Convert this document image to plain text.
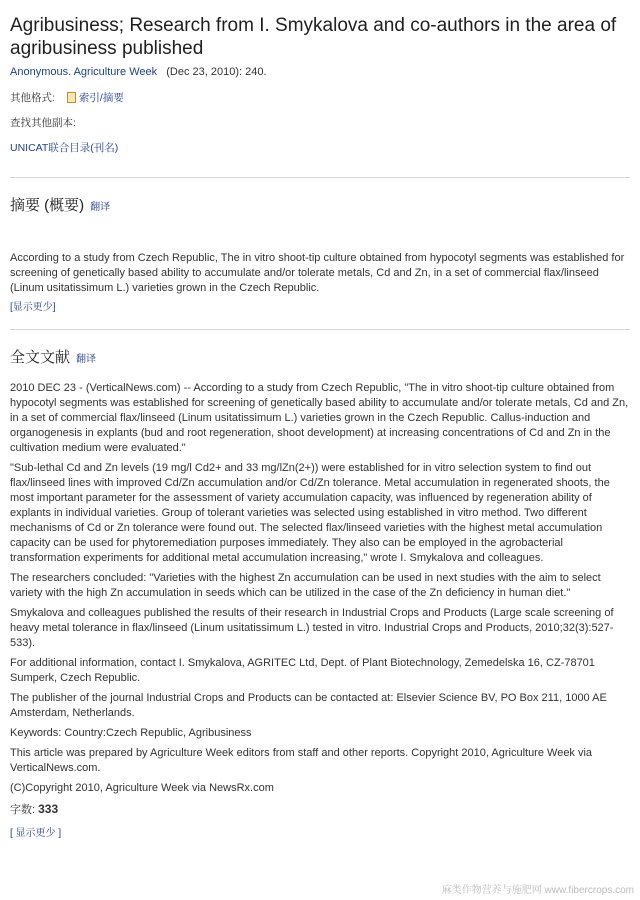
Agribusiness; Research from I. Smykalova and co-authors in the area of agribusiness published
Anonymous. Agriculture Week (Dec 23, 2010): 240.
其他格式: 索引/摘要
查找其他副本:
UNICAT联合目录(刊名)
摘要 (概要) 翻译
According to a study from Czech Republic, The in vitro shoot-tip culture obtained from hypocotyl segments was established for screening of genetically based ability to accumulate and/or tolerate metals, Cd and Zn, in a set of commercial flax/linseed (Linum usitatissimum L.) varieties grown in the Czech Republic.
[显示更少]
全文文献 翻译
2010 DEC 23 - (VerticalNews.com) -- According to a study from Czech Republic, "The in vitro shoot-tip culture obtained from hypocotyl segments was established for screening of genetically based ability to accumulate and/or tolerate metals, Cd and Zn, in a set of commercial flax/linseed (Linum usitatissimum L.) varieties grown in the Czech Republic. Callus-induction and organogenesis in explants (bud and root regeneration, shoot development) at increasing concentrations of Cd and Zn in the cultivation medium were evaluated."
"Sub-lethal Cd and Zn levels (19 mg/l Cd2+ and 33 mg/lZn(2+)) were established for in vitro selection system to find out flax/linseed lines with improved Cd/Zn accumulation and/or Cd/Zn tolerance. Metal accumulation in regenerated shoots, the most important parameter for the assessment of variety accumulation capacity, was influenced by regeneration ability of explants in individual varieties. Group of tolerant varieties was selected using established in vitro method. Two different mechanisms of Cd or Zn tolerance were found out. The selected flax/linseed varieties with the highest metal accumulation capacity can be used for phytoremediation purposes immediately. They also can be employed in the agrobacterial transformation experiments for additional metal accumulation increasing," wrote I. Smykalova and colleagues.
The researchers concluded: "Varieties with the highest Zn accumulation can be used in next studies with the aim to select variety with the high Zn accumulation in seeds which can be utilized in the case of the Zn deficiency in human diet."
Smykalova and colleagues published the results of their research in Industrial Crops and Products (Large scale screening of heavy metal tolerance in flax/linseed (Linum usitatissimum L.) tested in vitro. Industrial Crops and Products, 2010;32(3):527-533).
For additional information, contact I. Smykalova, AGRITEC Ltd, Dept. of Plant Biotechnology, Zemedelska 16, CZ-78701 Sumperk, Czech Republic.
The publisher of the journal Industrial Crops and Products can be contacted at: Elsevier Science BV, PO Box 211, 1000 AE Amsterdam, Netherlands.
Keywords: Country:Czech Republic, Agribusiness
This article was prepared by Agriculture Week editors from staff and other reports. Copyright 2010, Agriculture Week via VerticalNews.com.
(C)Copyright 2010, Agriculture Week via NewsRx.com
字数: 333
[ 显示更少 ]
麻类作物营养与施肥网 www.fibercrops.com
